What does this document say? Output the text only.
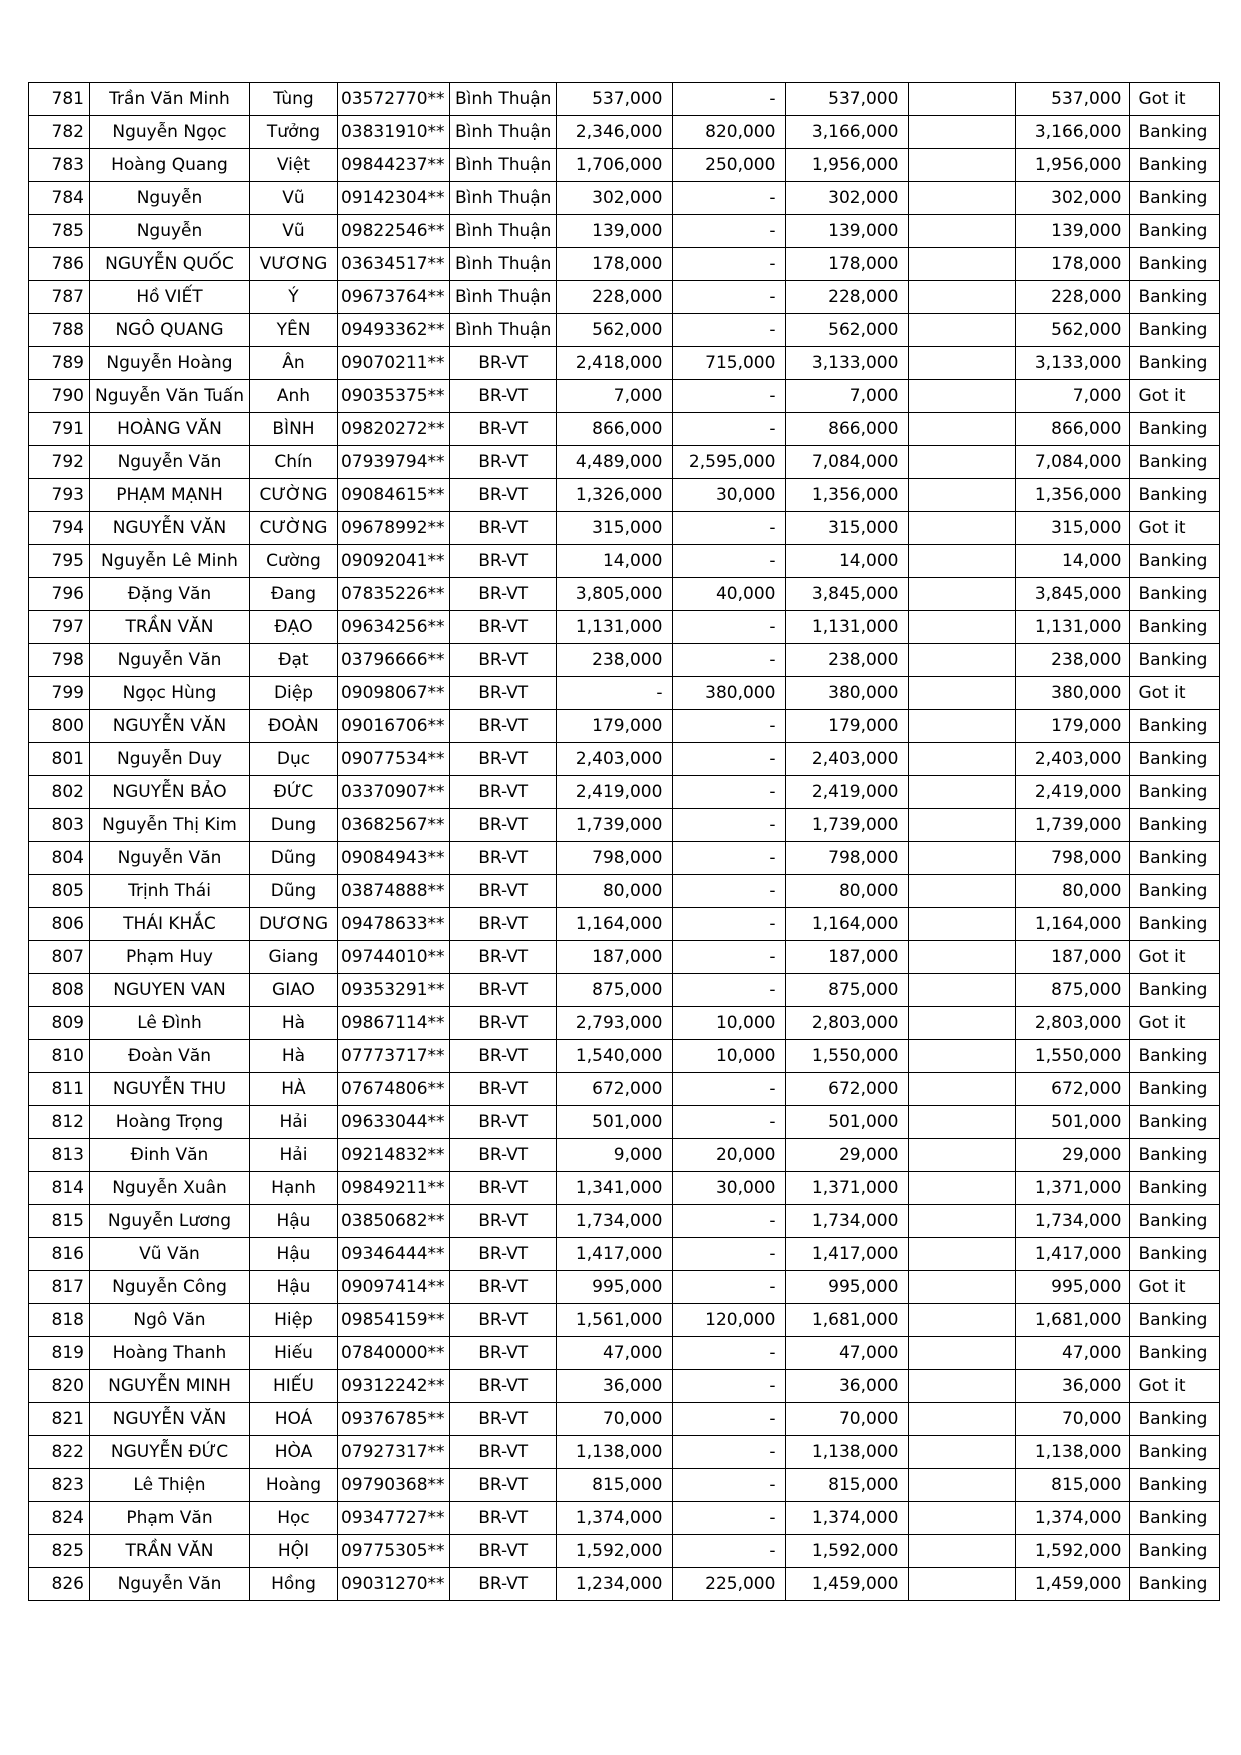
781	Trần Văn Minh	Tùng	03572770**	Bình Thuận	537,000	-	537,000		537,000	Got it
782	Nguyễn Ngọc	Tưởng	03831910**	Bình Thuận	2,346,000	820,000	3,166,000		3,166,000	Banking
783	Hoàng Quang	Việt	09844237**	Bình Thuận	1,706,000	250,000	1,956,000		1,956,000	Banking
784	Nguyễn	Vũ	09142304**	Bình Thuận	302,000	-	302,000		302,000	Banking
785	Nguyễn	Vũ	09822546**	Bình Thuận	139,000	-	139,000		139,000	Banking
786	NGUYỄN QUỐC	VƯƠNG	03634517**	Bình Thuận	178,000	-	178,000		178,000	Banking
787	Hồ VIẾT	Ý	09673764**	Bình Thuận	228,000	-	228,000		228,000	Banking
788	NGÔ QUANG	YÊN	09493362**	Bình Thuận	562,000	-	562,000		562,000	Banking
789	Nguyễn Hoàng	Ân	09070211**	BR-VT	2,418,000	715,000	3,133,000		3,133,000	Banking
790	Nguyễn Văn Tuấn	Anh	09035375**	BR-VT	7,000	-	7,000		7,000	Got it
791	HOÀNG VĂN	BÌNH	09820272**	BR-VT	866,000	-	866,000		866,000	Banking
792	Nguyễn Văn	Chín	07939794**	BR-VT	4,489,000	2,595,000	7,084,000		7,084,000	Banking
793	PHẠM MẠNH	CƯỜNG	09084615**	BR-VT	1,326,000	30,000	1,356,000		1,356,000	Banking
794	NGUYỄN VĂN	CƯỜNG	09678992**	BR-VT	315,000	-	315,000		315,000	Got it
795	Nguyễn Lê Minh	Cường	09092041**	BR-VT	14,000	-	14,000		14,000	Banking
796	Đặng Văn	Đang	07835226**	BR-VT	3,805,000	40,000	3,845,000		3,845,000	Banking
797	TRẦN VĂN	ĐẠO	09634256**	BR-VT	1,131,000	-	1,131,000		1,131,000	Banking
798	Nguyễn Văn	Đạt	03796666**	BR-VT	238,000	-	238,000		238,000	Banking
799	Ngọc Hùng	Diệp	09098067**	BR-VT	-	380,000	380,000		380,000	Got it
800	NGUYỄN VĂN	ĐOÀN	09016706**	BR-VT	179,000	-	179,000		179,000	Banking
801	Nguyễn Duy	Dục	09077534**	BR-VT	2,403,000	-	2,403,000		2,403,000	Banking
802	NGUYỄN BẢO	ĐỨC	03370907**	BR-VT	2,419,000	-	2,419,000		2,419,000	Banking
803	Nguyễn Thị Kim	Dung	03682567**	BR-VT	1,739,000	-	1,739,000		1,739,000	Banking
804	Nguyễn Văn	Dũng	09084943**	BR-VT	798,000	-	798,000		798,000	Banking
805	Trịnh Thái	Dũng	03874888**	BR-VT	80,000	-	80,000		80,000	Banking
806	THÁI KHẮC	DƯƠNG	09478633**	BR-VT	1,164,000	-	1,164,000		1,164,000	Banking
807	Phạm Huy	Giang	09744010**	BR-VT	187,000	-	187,000		187,000	Got it
808	NGUYEN VAN	GIAO	09353291**	BR-VT	875,000	-	875,000		875,000	Banking
809	Lê Đình	Hà	09867114**	BR-VT	2,793,000	10,000	2,803,000		2,803,000	Got it
810	Đoàn Văn	Hà	07773717**	BR-VT	1,540,000	10,000	1,550,000		1,550,000	Banking
811	NGUYỄN THU	HÀ	07674806**	BR-VT	672,000	-	672,000		672,000	Banking
812	Hoàng Trọng	Hải	09633044**	BR-VT	501,000	-	501,000		501,000	Banking
813	Đinh Văn	Hải	09214832**	BR-VT	9,000	20,000	29,000		29,000	Banking
814	Nguyễn Xuân	Hạnh	09849211**	BR-VT	1,341,000	30,000	1,371,000		1,371,000	Banking
815	Nguyễn Lương	Hậu	03850682**	BR-VT	1,734,000	-	1,734,000		1,734,000	Banking
816	Vũ Văn	Hậu	09346444**	BR-VT	1,417,000	-	1,417,000		1,417,000	Banking
817	Nguyễn Công	Hậu	09097414**	BR-VT	995,000	-	995,000		995,000	Got it
818	Ngô Văn	Hiệp	09854159**	BR-VT	1,561,000	120,000	1,681,000		1,681,000	Banking
819	Hoàng Thanh	Hiếu	07840000**	BR-VT	47,000	-	47,000		47,000	Banking
820	NGUYỄN MINH	HIẾU	09312242**	BR-VT	36,000	-	36,000		36,000	Got it
821	NGUYỄN VĂN	HOÁ	09376785**	BR-VT	70,000	-	70,000		70,000	Banking
822	NGUYỄN ĐỨC	HÒA	07927317**	BR-VT	1,138,000	-	1,138,000		1,138,000	Banking
823	Lê Thiện	Hoàng	09790368**	BR-VT	815,000	-	815,000		815,000	Banking
824	Phạm Văn	Học	09347727**	BR-VT	1,374,000	-	1,374,000		1,374,000	Banking
825	TRẦN VĂN	HỘI	09775305**	BR-VT	1,592,000	-	1,592,000		1,592,000	Banking
826	Nguyễn Văn	Hồng	09031270**	BR-VT	1,234,000	225,000	1,459,000		1,459,000	Banking
